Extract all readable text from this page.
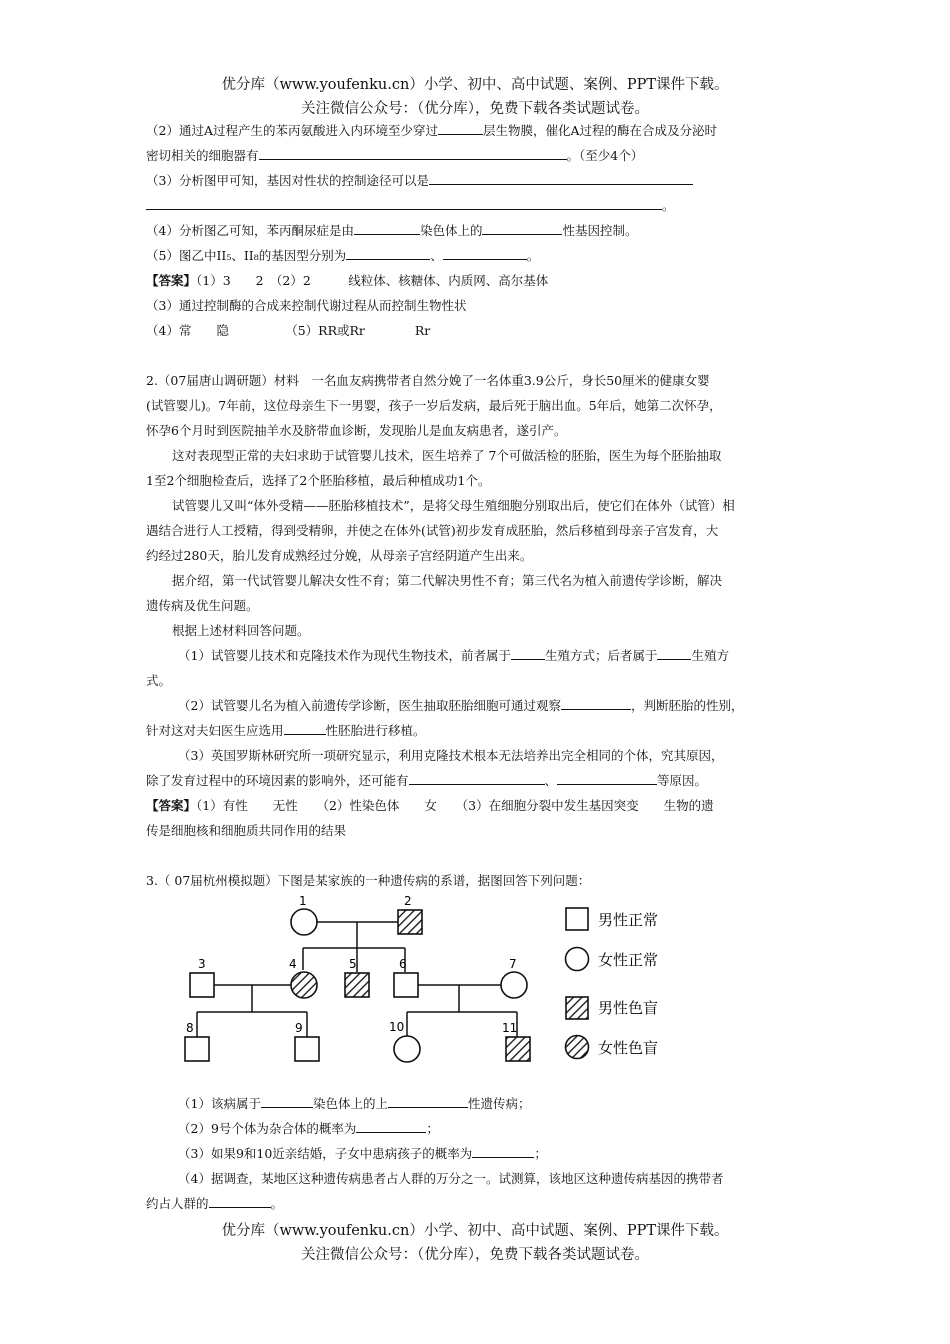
优分库（www.youfenku.cn）小学、初中、高中试题、案例、PPT课件下载。
关注微信公众号：（优分库），免费下载各类试题试卷。
（2）通过A过程产生的苯丙氨酸进入内环境至少穿过	层生物膜，催化A过程的酶在合成及分泌时
密切相关的细胞器有	。（至少4个）
（3）分析图甲可知，基因对性状的控制途径可以是
。
（4）分析图乙可知，苯丙酮尿症是由	染色体上的	性基因控制。
（5）图乙中II₅、II₈的基因型分别为	、	。
【答案】（1）3　　2　（2）2　　　线粒体、核糖体、内质网、高尔基体
（3）通过控制酶的合成来控制代谢过程从而控制生物性状
（4）常　　隐　　　　　（5）RR或Rr　　　　Rr
2.（07届唐山调研题）材料　一名血友病携带者自然分娩了一名体重3.9公斤，身长50厘米的健康女婴
(试管婴儿)。7年前，这位母亲生下一男婴，孩子一岁后发病，最后死于脑出血。5年后，她第二次怀孕，
怀孕6个月时到医院抽羊水及脐带血诊断，发现胎儿是血友病患者，遂引产。
这对表现型正常的夫妇求助于试管婴儿技术，医生培养了 7个可做活检的胚胎，医生为每个胚胎抽取
1至2个细胞检查后，选择了2个胚胎移植，最后种植成功1个。
试管婴儿又叫“体外受精——胚胎移植技术”，是将父母生殖细胞分别取出后，使它们在体外（试管）相
遇结合进行人工授精，得到受精卵，并使之在体外(试管)初步发育成胚胎，然后移植到母亲子宫发育，大
约经过280天，胎儿发育成熟经过分娩，从母亲子宫经阴道产生出来。
据介绍，第一代试管婴儿解决女性不育；第二代解决男性不育；第三代名为植入前遗传学诊断，解决
遗传病及优生问题。
根据上述材料回答问题。
（1）试管婴儿技术和克隆技术作为现代生物技术，前者属于	生殖方式；后者属于	生殖方
式。
（2）试管婴儿名为植入前遗传学诊断，医生抽取胚胎细胞可通过观察	，判断胚胎的性别，
针对这对夫妇医生应选用	性胚胎进行移植。
（3）英国罗斯林研究所一项研究显示，利用克隆技术根本无法培养出完全相同的个体，究其原因，
除了发育过程中的环境因素的影响外，还可能有	、	等原因。
【答案】（1）有性　　无性　　（2）性染色体　　女　　（3）在细胞分裂中发生基因突变　　生物的遗
传是细胞核和细胞质共同作用的结果
3.（ 07届杭州模拟题）下图是某家族的一种遗传病的系谱，据图回答下列问题：
1	2
3	4	5	6	7
8	9	10	11
男性正常
女性正常
男性色盲
女性色盲
（1）该病属于	染色体上的上	性遗传病；
（2）9号个体为杂合体的概率为	；
（3）如果9和10近亲结婚，子女中患病孩子的概率为	；
（4）据调查，某地区这种遗传病患者占人群的万分之一。试测算，该地区这种遗传病基因的携带者
约占人群的	。
优分库（www.youfenku.cn）小学、初中、高中试题、案例、PPT课件下载。
关注微信公众号：（优分库），免费下载各类试题试卷。
